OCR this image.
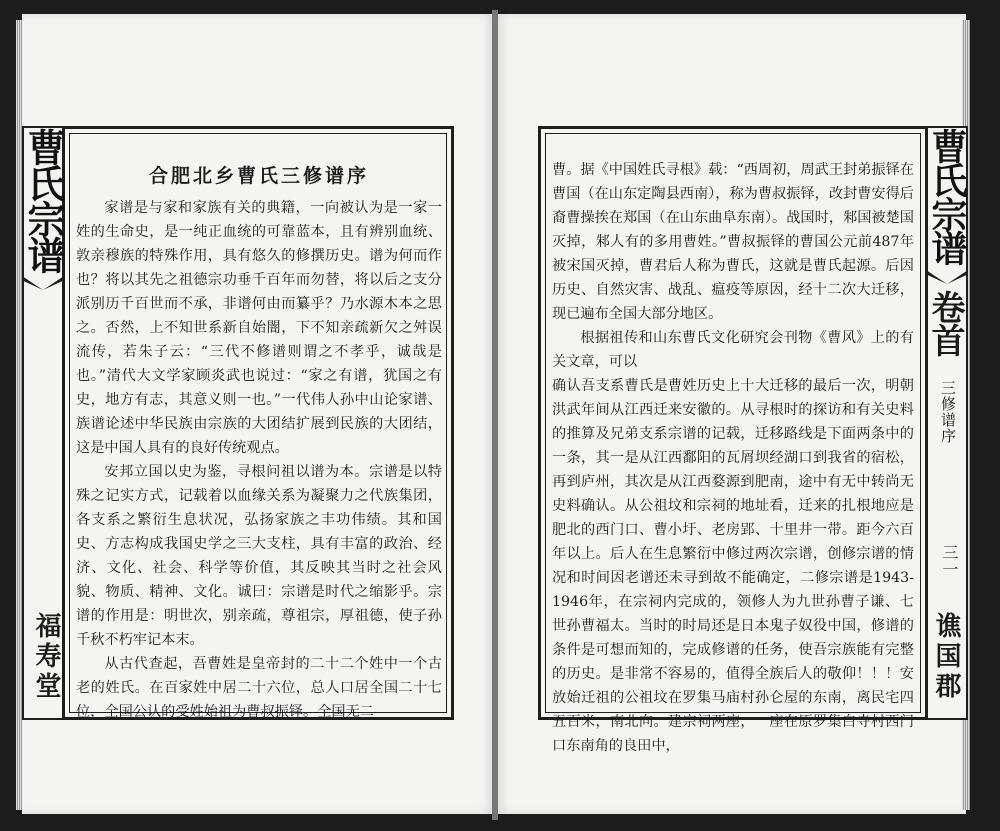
曹氏宗谱
福寿堂
合肥北乡曹氏三修谱序

家谱是与家和家族有关的典籍，一向被认为是一家一姓的生命史，是一纯正血统的可靠蓝本，且有辨别血统、敦亲穆族的特殊作用，具有悠久的修撰历史。谱为何而作也？将以其先之祖德宗功垂千百年而勿替，将以后之支分派别历千百世而不承，非谱何由而纂乎？乃水源木本之思之。否然，上不知世系新自始闇，下不知亲疏新欠之舛误流传，若朱子云：“三代不修谱则谓之不孝乎，诚哉是也。”清代大文学家顾炎武也说过：“家之有谱，犹国之有史，地方有志，其意义则一也。”一代伟人孙中山论家谱、族谱论述中华民族由宗族的大团结扩展到民族的大团结，这是中国人具有的良好传统观点。

安邦立国以史为鉴，寻根问祖以谱为本。宗谱是以特殊之记实方式，记载着以血缘关系为凝聚力之代族集团，各支系之繁衍生息状况，弘扬家族之丰功伟绩。其和国史、方志构成我国史学之三大支柱，具有丰富的政治、经济、文化、社会、科学等价值，其反映其当时之社会风貌、物质、精神、文化。诚曰：宗谱是时代之缩影乎。宗谱的作用是：明世次，别亲疏，尊祖宗，厚祖德，使子孙千秋不朽牢记本末。

从古代查起，吾曹姓是皇帝封的二十二个姓中一个古老的姓氏。在百家姓中居二十六位，总人口居全国二十七位，全国公认的受姓始祖为曹叔振铎。全国无二

曹氏宗谱
卷首
三修谱序
三一
谯国郡

曹。据《中国姓氏寻根》载：“西周初，周武王封弟振铎在曹国（在山东定陶县西南），称为曹叔振铎，改封曹安得后裔曹操挨在郑国（在山东曲阜东南）。战国时，邾国被楚国灭掉，邾人有的多用曹姓。”曹叔振铎的曹国公元前487年被宋国灭掉，曹君后人称为曹氏，这就是曹氏起源。后因历史、自然灾害、战乱、瘟疫等原因，经十二次大迁移，现已遍布全国大部分地区。

根据祖传和山东曹氏文化研究会刊物《曹风》上的有关文章，可以

确认吾支系曹氏是曹姓历史上十大迁移的最后一次，明朝洪武年间从江西迁来安徽的。从寻根时的探访和有关史料的推算及兄弟支系宗谱的记载，迁移路线是下面两条中的一条，其一是从江西鄱阳的瓦屑坝经湖口到我省的宿松，再到庐州，其次是从江西婺源到肥南，途中有无中转尚无史料确认。从公祖坟和宗祠的地址看，迁来的扎根地应是肥北的西门口、曹小圩、老房郢、十里井一带。距今六百年以上。后人在生息繁衍中修过两次宗谱，创修宗谱的情况和时间因老谱还未寻到故不能确定，二修宗谱是1943-1946年，在宗祠内完成的，领修人为九世孙曹子谦、七世孙曹福太。当时的时局还是日本鬼子奴役中国，修谱的条件是可想而知的，完成修谱的任务，使吾宗族能有完整的历史。是非常不容易的，值得全族后人的敬仰！！！安放始迁祖的公祖坟在罗集马庙村孙仑屋的东南，离民宅四五百米，南北向。建宗祠两座，一座在原罗集白寺村西门口东南角的良田中，
